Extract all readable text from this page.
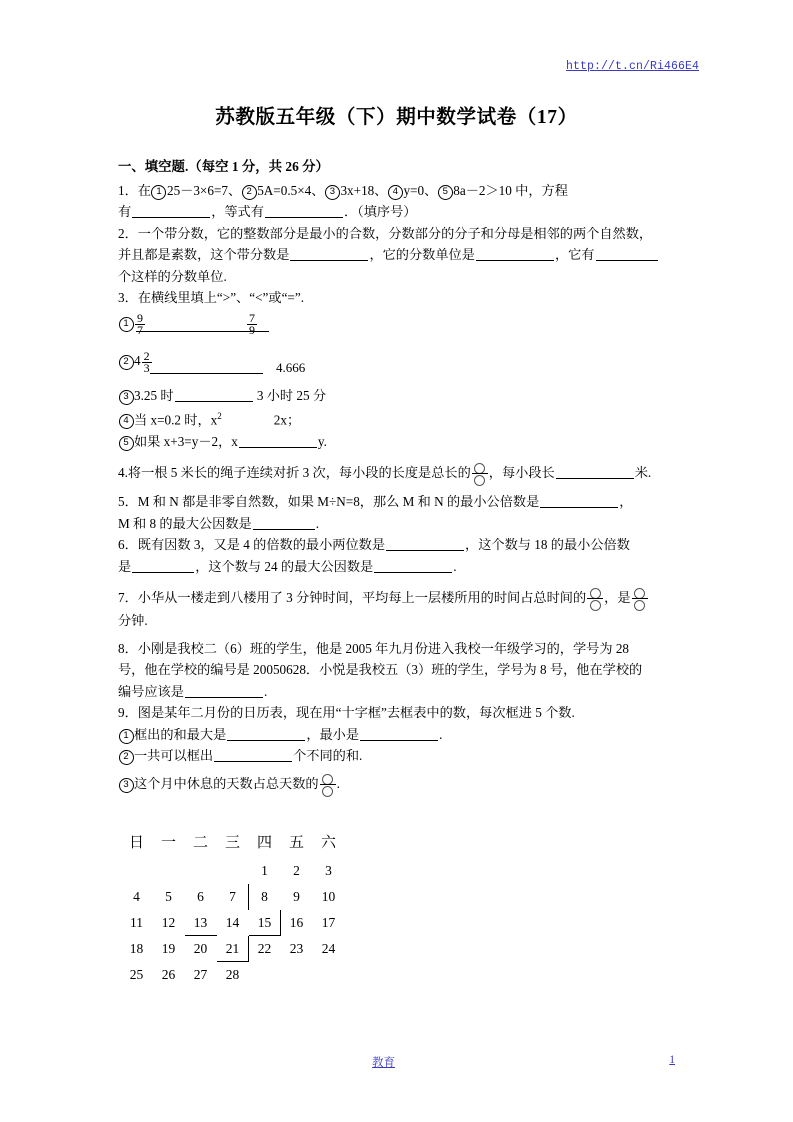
http://t.cn/Ri466E4
苏教版五年级（下）期中数学试卷（17）
一、填空题.（每空 1 分，共 26 分）
1．在 1 25－3×6=7、 2 5A=0.5×4、 3 3x+18、 4 y=0、 5 8a－2＞10 中，方程
有	，等式有	．（填序号）
2．一个带分数，它的整数部分是最小的合数，分数部分的分子和分母是相邻的两个自然数，
并且都是素数，这个带分数是	，它的分数单位是	，它有
个这样的分数单位.
3．在横线里填上“>”、“<”或“=”.
$1 \frac{9}{7}$	$\frac{7}{9}$
2 $4 \frac{2}{3}$	4.666
3 3.25 时	3 小时 25 分
4 当 x=0.2 时，$x^2$	2x；
5 如果 x+3=y－2，x	y.
4.将一根 5 米长的绳子连续对折 3 次，每小段的长度是总长的 ，每小段长	米.
5．M 和 N 都是非零自然数，如果 M÷N=8，那么 M 和 N 的最小公倍数是	，
M 和 8 的最大公因数是	.
6．既有因数 3，又是 4 的倍数的最小两位数是	，这个数与 18 的最小公倍数
是	，这个数与 24 的最大公因数是	.
7．小华从一楼走到八楼用了 3 分钟时间，平均每上一层楼所用的时间占总时间的 ，是
分钟.
8．小刚是我校二（6）班的学生，他是 2005 年九月份进入我校一年级学习的，学号为 28
号，他在学校的编号是 20050628．小悦是我校五（3）班的学生，学号为 8 号，他在学校的
编号应该是	.
9．图是某年二月份的日历表，现在用“十字框”去框表中的数，每次框进 5 个数.
1 框出的和最大是	，最小是	.
2 一共可以框出	个不同的和.
3 这个月中休息的天数占总天数的 .
日	一	二	三	四	五	六
				1	2	3
4	5	6	7	8	9	10
11	12	13	14	15	16	17
18	19	20	21	22	23	24
25	26	27	28			
教育	1
